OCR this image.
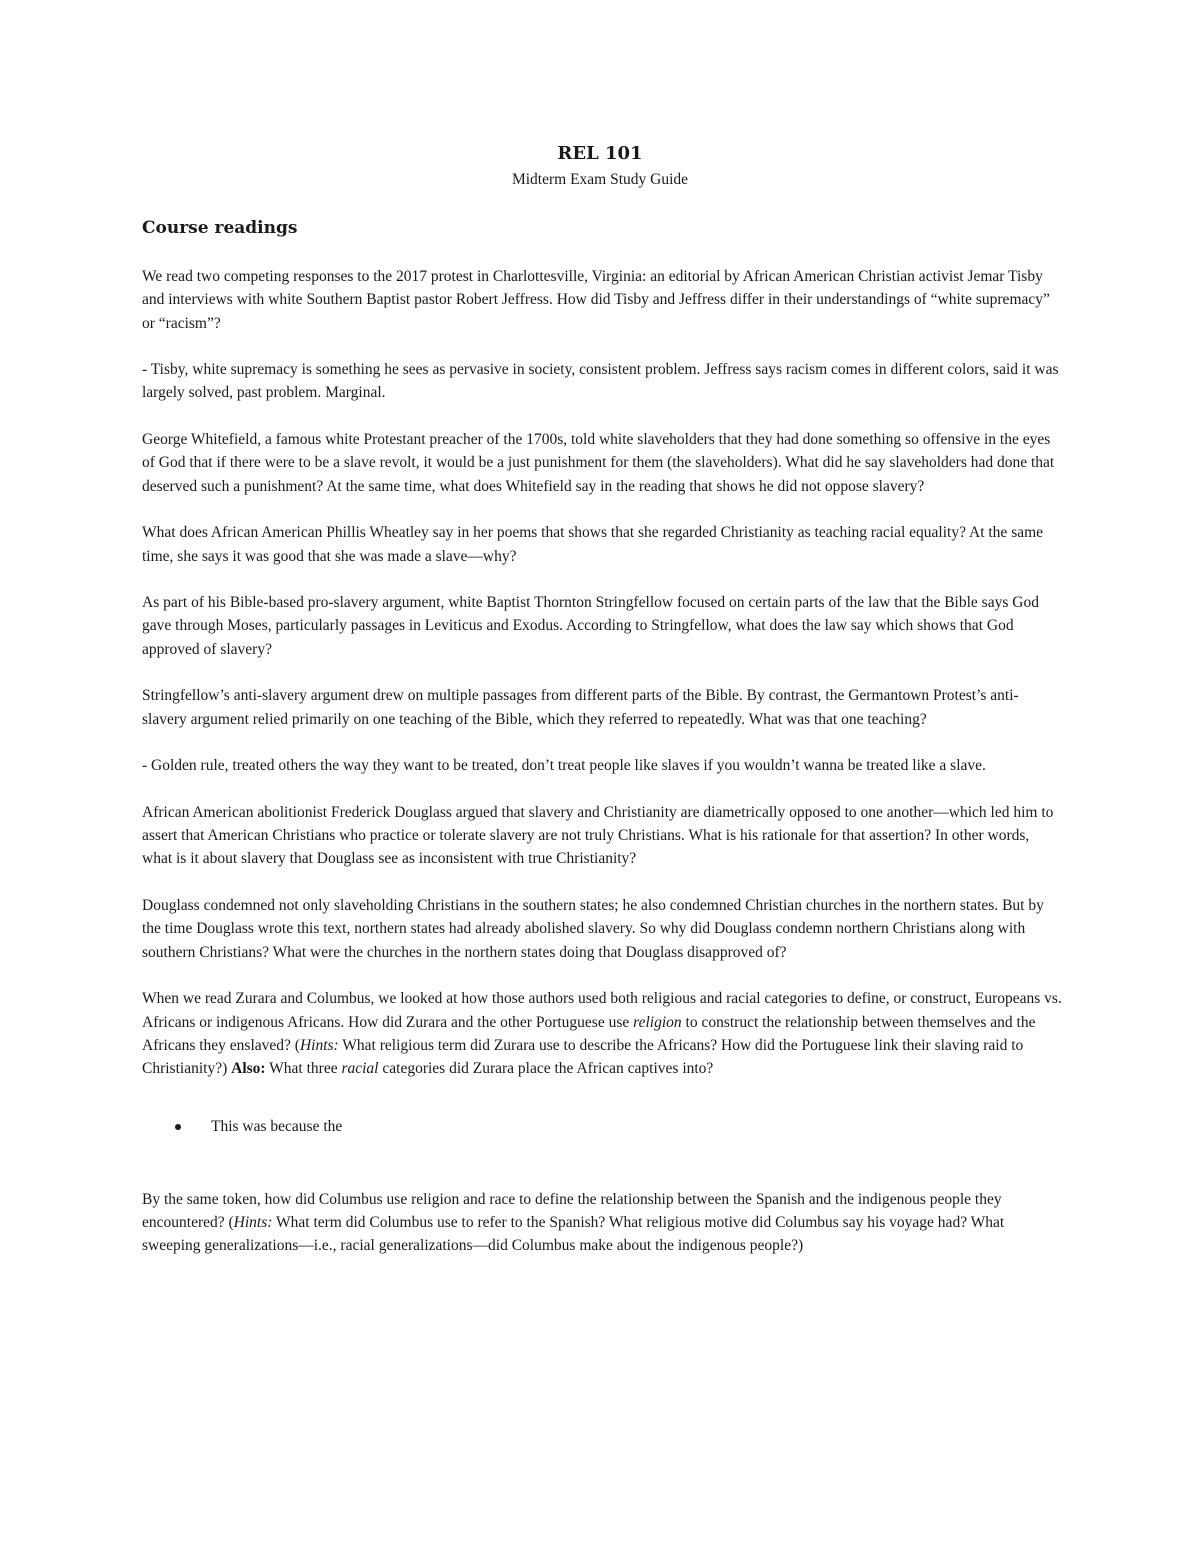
REL 101
Midterm Exam Study Guide
Course readings

We read two competing responses to the 2017 protest in Charlottesville, Virginia: an editorial by African American Christian activist Jemar Tisby and interviews with white Southern Baptist pastor Robert Jeffress. How did Tisby and Jeffress differ in their understandings of “white supremacy” or “racism”?

- Tisby, white supremacy is something he sees as pervasive in society, consistent problem. Jeffress says racism comes in different colors, said it was largely solved, past problem. Marginal.

George Whitefield, a famous white Protestant preacher of the 1700s, told white slaveholders that they had done something so offensive in the eyes of God that if there were to be a slave revolt, it would be a just punishment for them (the slaveholders). What did he say slaveholders had done that deserved such a punishment? At the same time, what does Whitefield say in the reading that shows he did not oppose slavery?

What does African American Phillis Wheatley say in her poems that shows that she regarded Christianity as teaching racial equality? At the same time, she says it was good that she was made a slave—why?

As part of his Bible-based pro-slavery argument, white Baptist Thornton Stringfellow focused on certain parts of the law that the Bible says God gave through Moses, particularly passages in Leviticus and Exodus. According to Stringfellow, what does the law say which shows that God approved of slavery?

Stringfellow’s anti-slavery argument drew on multiple passages from different parts of the Bible. By contrast, the Germantown Protest’s anti-slavery argument relied primarily on one teaching of the Bible, which they referred to repeatedly. What was that one teaching?

- Golden rule, treated others the way they want to be treated, don’t treat people like slaves if you wouldn’t wanna be treated like a slave.

African American abolitionist Frederick Douglass argued that slavery and Christianity are diametrically opposed to one another—which led him to assert that American Christians who practice or tolerate slavery are not truly Christians. What is his rationale for that assertion? In other words, what is it about slavery that Douglass see as inconsistent with true Christianity?

Douglass condemned not only slaveholding Christians in the southern states; he also condemned Christian churches in the northern states. But by the time Douglass wrote this text, northern states had already abolished slavery. So why did Douglass condemn northern Christians along with southern Christians? What were the churches in the northern states doing that Douglass disapproved of?

When we read Zurara and Columbus, we looked at how those authors used both religious and racial categories to define, or construct, Europeans vs. Africans or indigenous Africans. How did Zurara and the other Portuguese use religion to construct the relationship between themselves and the Africans they enslaved? (Hints: What religious term did Zurara use to describe the Africans? How did the Portuguese link their slaving raid to Christianity?) Also: What three racial categories did Zurara place the African captives into?

This was because the

By the same token, how did Columbus use religion and race to define the relationship between the Spanish and the indigenous people they encountered? (Hints: What term did Columbus use to refer to the Spanish? What religious motive did Columbus say his voyage had? What sweeping generalizations—i.e., racial generalizations—did Columbus make about the indigenous people?)
